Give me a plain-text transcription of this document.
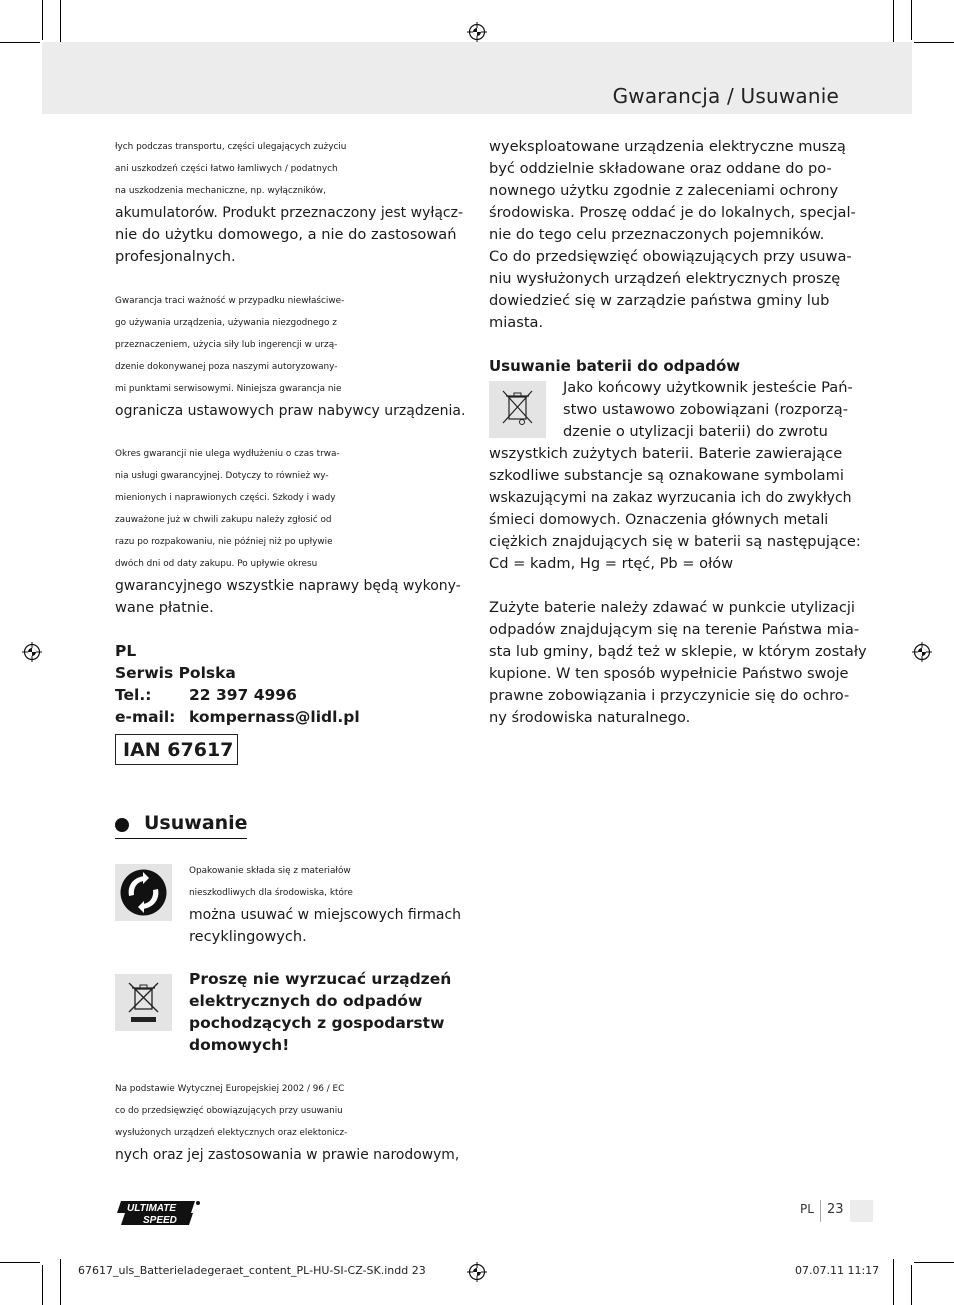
Gwarancja / Usuwanie
łych podczas transportu, części ulegających zużyciu
ani uszkodzeń części łatwo łamliwych / podatnych
na uszkodzenia mechaniczne, np. wyłączników,
akumulatorów. Produkt przeznaczony jest wyłącz-
nie do użytku domowego, a nie do zastosowań
profesjonalnych.
Gwarancja traci ważność w przypadku niewłaściwe-
go używania urządzenia, używania niezgodnego z
przeznaczeniem, użycia siły lub ingerencji w urzą-
dzenie dokonywanej poza naszymi autoryzowany-
mi punktami serwisowymi. Niniejsza gwarancja nie
ogranicza ustawowych praw nabywcy urządzenia.
Okres gwarancji nie ulega wydłużeniu o czas trwa-
nia usługi gwarancyjnej. Dotyczy to również wy-
mienionych i naprawionych części. Szkody i wady
zauważone już w chwili zakupu należy zgłosić od
razu po rozpakowaniu, nie później niż po upływie
dwóch dni od daty zakupu. Po upływie okresu
gwarancyjnego wszystkie naprawy będą wykony-
wane płatnie.
PL
Serwis Polska
Tel.: 22 397 4996
e-mail: kompernass@lidl.pl
IAN 67617
Usuwanie
Opakowanie składa się z materiałów
nieszkodliwych dla środowiska, które
można usuwać w miejscowych firmach
recyklingowych.
Proszę nie wyrzucać urządzeń
elektrycznych do odpadów
pochodzących z gospodarstw
domowych!
Na podstawie Wytycznej Europejskiej 2002 / 96 / EC
co do przedsięwzięć obowiązujących przy usuwaniu
wysłużonych urządzeń elektycznych oraz elektonicz-
nych oraz jej zastosowania w prawie narodowym,
wyeksploatowane urządzenia elektryczne muszą
być oddzielnie składowane oraz oddane do po-
nownego użytku zgodnie z zaleceniami ochrony
środowiska. Proszę oddać je do lokalnych, specjal-
nie do tego celu przeznaczonych pojemników.
Co do przedsięwzięć obowiązujących przy usuwa-
niu wysłużonych urządzeń elektrycznych proszę
dowiedzieć się w zarządzie państwa gminy lub
miasta.
Usuwanie baterii do odpadów
Jako końcowy użytkownik jesteście Pań-
stwo ustawowo zobowiązani (rozporzą-
dzenie o utylizacji baterii) do zwrotu
wszystkich zużytych baterii. Baterie zawierające
szkodliwe substancje są oznakowane symbolami
wskazującymi na zakaz wyrzucania ich do zwykłych
śmieci domowych. Oznaczenia głównych metali
ciężkich znajdujących się w baterii są następujące:
Cd = kadm, Hg = rtęć, Pb = ołów
Zużyte baterie należy zdawać w punkcie utylizacji
odpadów znajdującym się na terenie Państwa mia-
sta lub gminy, bądź też w sklepie, w którym zostały
kupione. W ten sposób wypełnicie Państwo swoje
prawne zobowiązania i przyczynicie się do ochro-
ny środowiska naturalnego.
ULTIMATE
SPEED
PL 23
67617_uls_Batterieladegeraet_content_PL-HU-SI-CZ-SK.indd 23	07.07.11 11:17
